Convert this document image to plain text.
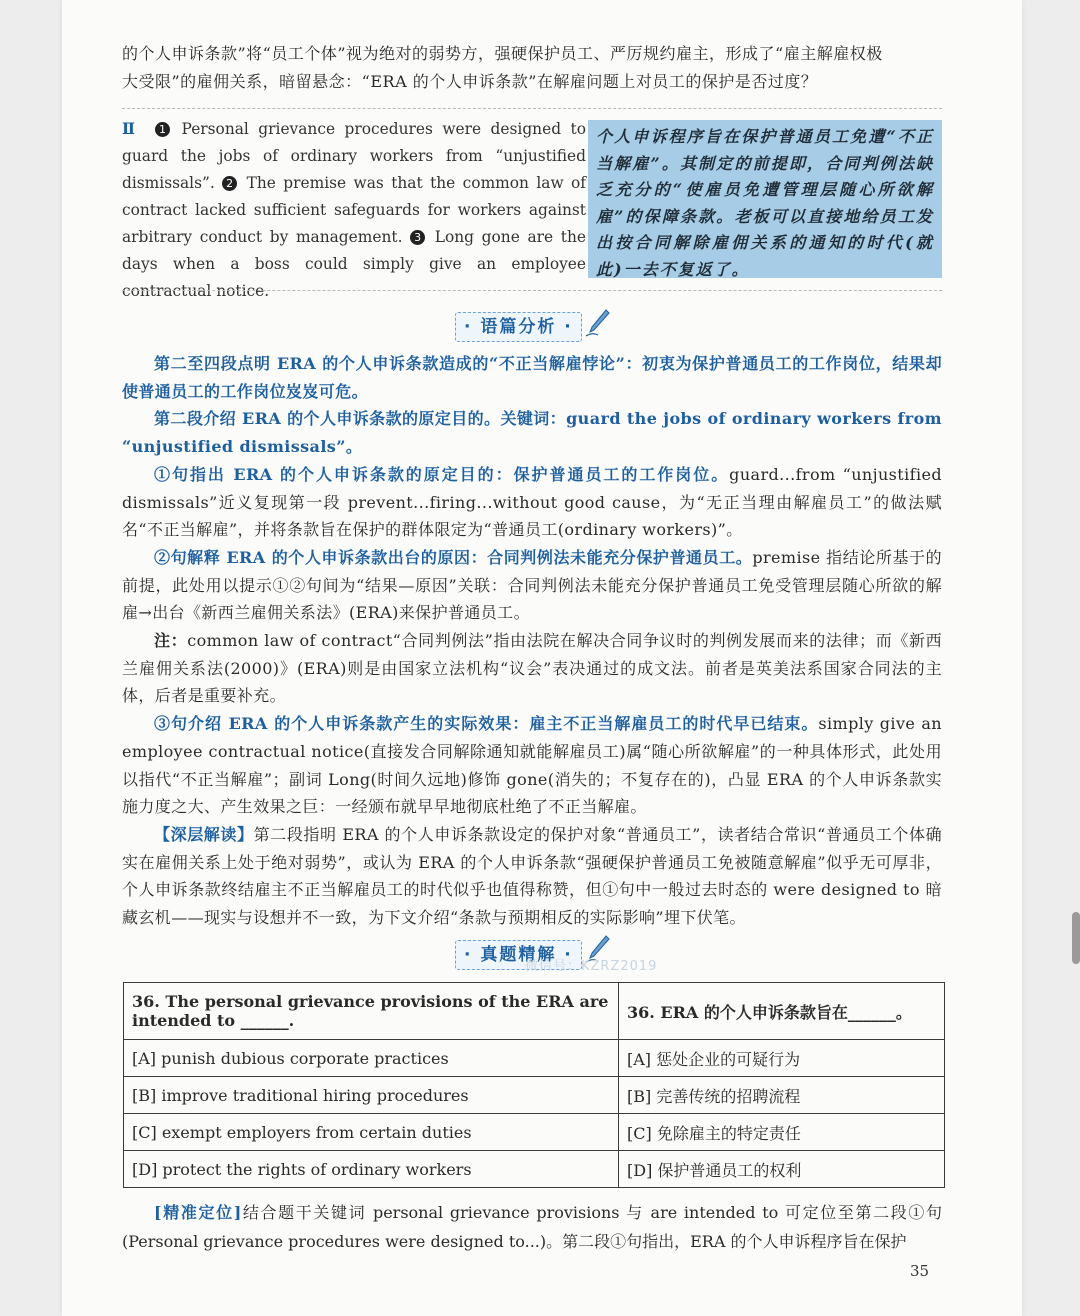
的个人申诉条款”将“员工个体”视为绝对的弱势方，强硬保护员工、严厉规约雇主，形成了“雇主解雇权极
大受限”的雇佣关系，暗留悬念：“ERA 的个人申诉条款”在解雇问题上对员工的保护是否过度？
Ⅱ 1 Personal grievance procedures were designed to guard the jobs of ordinary workers from “unjustified dismissals”. 2 The premise was that the common law of contract lacked sufficient safeguards for workers against arbitrary conduct by management. 3 Long gone are the days when a boss could simply give an employee contractual notice.
个人申诉程序旨在保护普通员工免遭“不正当解雇”。其制定的前提即，合同判例法缺乏充分的“使雇员免遭管理层随心所欲解雇”的保障条款。老板可以直接地给员工发出按合同解除雇佣关系的通知的时代(就此)一去不复返了。
· 语篇分析 ·

第二至四段点明 ERA 的个人申诉条款造成的“不正当解雇悖论”：初衷为保护普通员工的工作岗位，结果却使普通员工的工作岗位岌岌可危。

第二段介绍 ERA 的个人申诉条款的原定目的。关键词：guard the jobs of ordinary workers from “unjustified dismissals”。

①句指出 ERA 的个人申诉条款的原定目的：保护普通员工的工作岗位。guard...from “unjustified dismissals”近义复现第一段 prevent...firing...without good cause，为“无正当理由解雇员工”的做法赋名“不正当解雇”，并将条款旨在保护的群体限定为“普通员工(ordinary workers)”。

②句解释 ERA 的个人申诉条款出台的原因：合同判例法未能充分保护普通员工。premise 指结论所基于的前提，此处用以提示①②句间为“结果—原因”关联：合同判例法未能充分保护普通员工免受管理层随心所欲的解雇→出台《新西兰雇佣关系法》(ERA)来保护普通员工。

注：common law of contract“合同判例法”指由法院在解决合同争议时的判例发展而来的法律；而《新西兰雇佣关系法(2000)》(ERA)则是由国家立法机构“议会”表决通过的成文法。前者是英美法系国家合同法的主体，后者是重要补充。

③句介绍 ERA 的个人申诉条款产生的实际效果：雇主不正当解雇员工的时代早已结束。simply give an employee contractual notice(直接发合同解除通知就能解雇员工)属“随心所欲解雇”的一种具体形式，此处用以指代“不正当解雇”；副词 Long(时间久远地)修饰 gone(消失的；不复存在的)，凸显 ERA 的个人申诉条款实施力度之大、产生效果之巨：一经颁布就早早地彻底杜绝了不正当解雇。

【深层解读】第二段指明 ERA 的个人申诉条款设定的保护对象“普通员工”，读者结合常识“普通员工个体确实在雇佣关系上处于绝对弱势”，或认为 ERA 的个人申诉条款“强硬保护普通员工免被随意解雇”似乎无可厚非，个人申诉条款终结雇主不正当解雇员工的时代似乎也值得称赞，但①句中一般过去时态的 were designed to 暗藏玄机——现实与设想并不一致，为下文介绍“条款与预期相反的实际影响”埋下伏笔。

· 真题精解 ·
微信号：KZRZ2019
36. The personal grievance provisions of the ERA are intended to ______.	36. ERA 的个人申诉条款旨在______。
[A] punish dubious corporate practices	[A] 惩处企业的可疑行为
[B] improve traditional hiring procedures	[B] 完善传统的招聘流程
[C] exempt employers from certain duties	[C] 免除雇主的特定责任
[D] protect the rights of ordinary workers	[D] 保护普通员工的权利

[精准定位]结合题干关键词 personal grievance provisions 与 are intended to 可定位至第二段①句(Personal grievance procedures were designed to...)。第二段①句指出，ERA 的个人申诉程序旨在保护

35
